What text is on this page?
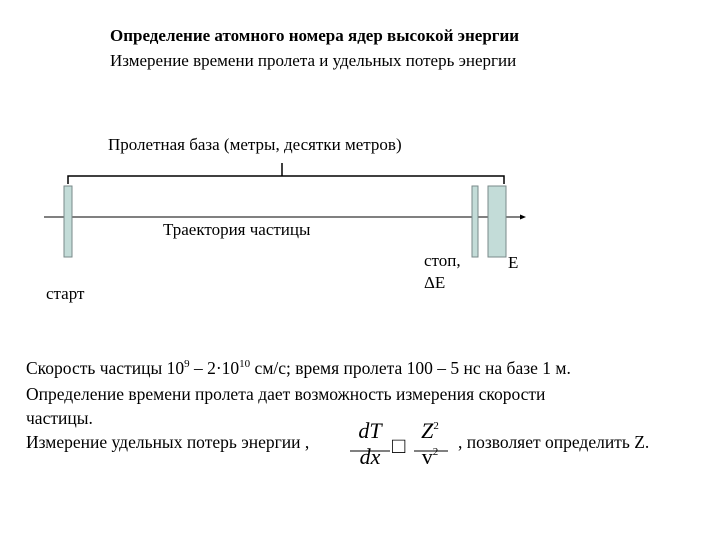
Определение атомного номера ядер высокой энергии
Измерение времени пролета и удельных потерь энергии
Пролетная база (метры, десятки метров)
Траектория частицы
старт
стоп,
ΔE
E
Скорость частицы $10^9 - 2\cdot 10^{10}$ см/с; время пролета 100 – 5 нс на базе 1 м.
Определение времени пролета дает возможность измерения скорости
частицы.
Измерение удельных потерь энергии ,	dT
dx □
$Z^2$
$v^2$	, позволяет определить Z.
